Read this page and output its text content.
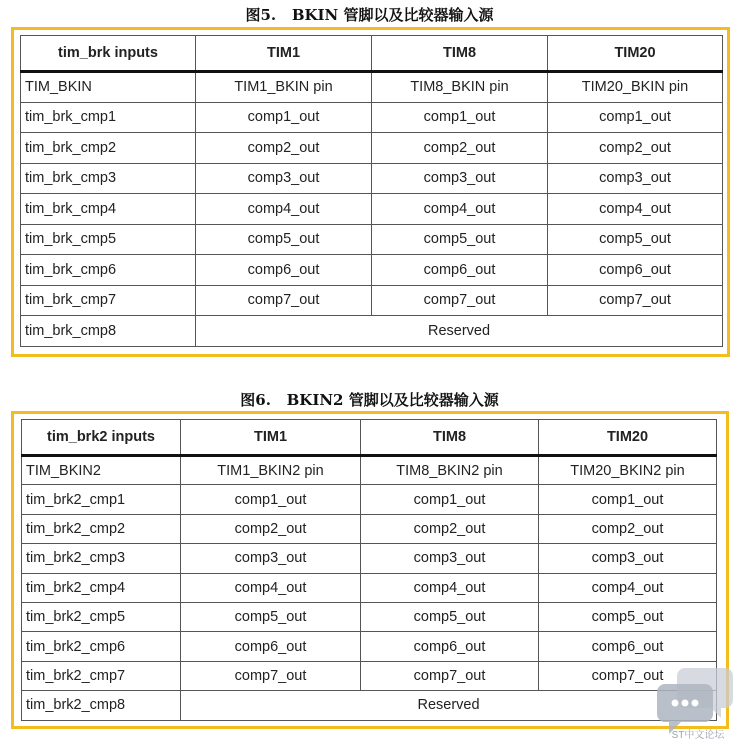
图5.   BKIN 管脚以及比较器输入源
tim_brk inputs	TIM1	TIM8	TIM20
TIM_BKIN	TIM1_BKIN pin	TIM8_BKIN pin	TIM20_BKIN pin
tim_brk_cmp1	comp1_out	comp1_out	comp1_out
tim_brk_cmp2	comp2_out	comp2_out	comp2_out
tim_brk_cmp3	comp3_out	comp3_out	comp3_out
tim_brk_cmp4	comp4_out	comp4_out	comp4_out
tim_brk_cmp5	comp5_out	comp5_out	comp5_out
tim_brk_cmp6	comp6_out	comp6_out	comp6_out
tim_brk_cmp7	comp7_out	comp7_out	comp7_out
tim_brk_cmp8	Reserved		
图6.   BKIN2 管脚以及比较器输入源
tim_brk2 inputs	TIM1	TIM8	TIM20
TIM_BKIN2	TIM1_BKIN2 pin	TIM8_BKIN2 pin	TIM20_BKIN2 pin
tim_brk2_cmp1	comp1_out	comp1_out	comp1_out
tim_brk2_cmp2	comp2_out	comp2_out	comp2_out
tim_brk2_cmp3	comp3_out	comp3_out	comp3_out
tim_brk2_cmp4	comp4_out	comp4_out	comp4_out
tim_brk2_cmp5	comp5_out	comp5_out	comp5_out
tim_brk2_cmp6	comp6_out	comp6_out	comp6_out
tim_brk2_cmp7	comp7_out	comp7_out	comp7_out
tim_brk2_cmp8	Reserved		
ST中文论坛
